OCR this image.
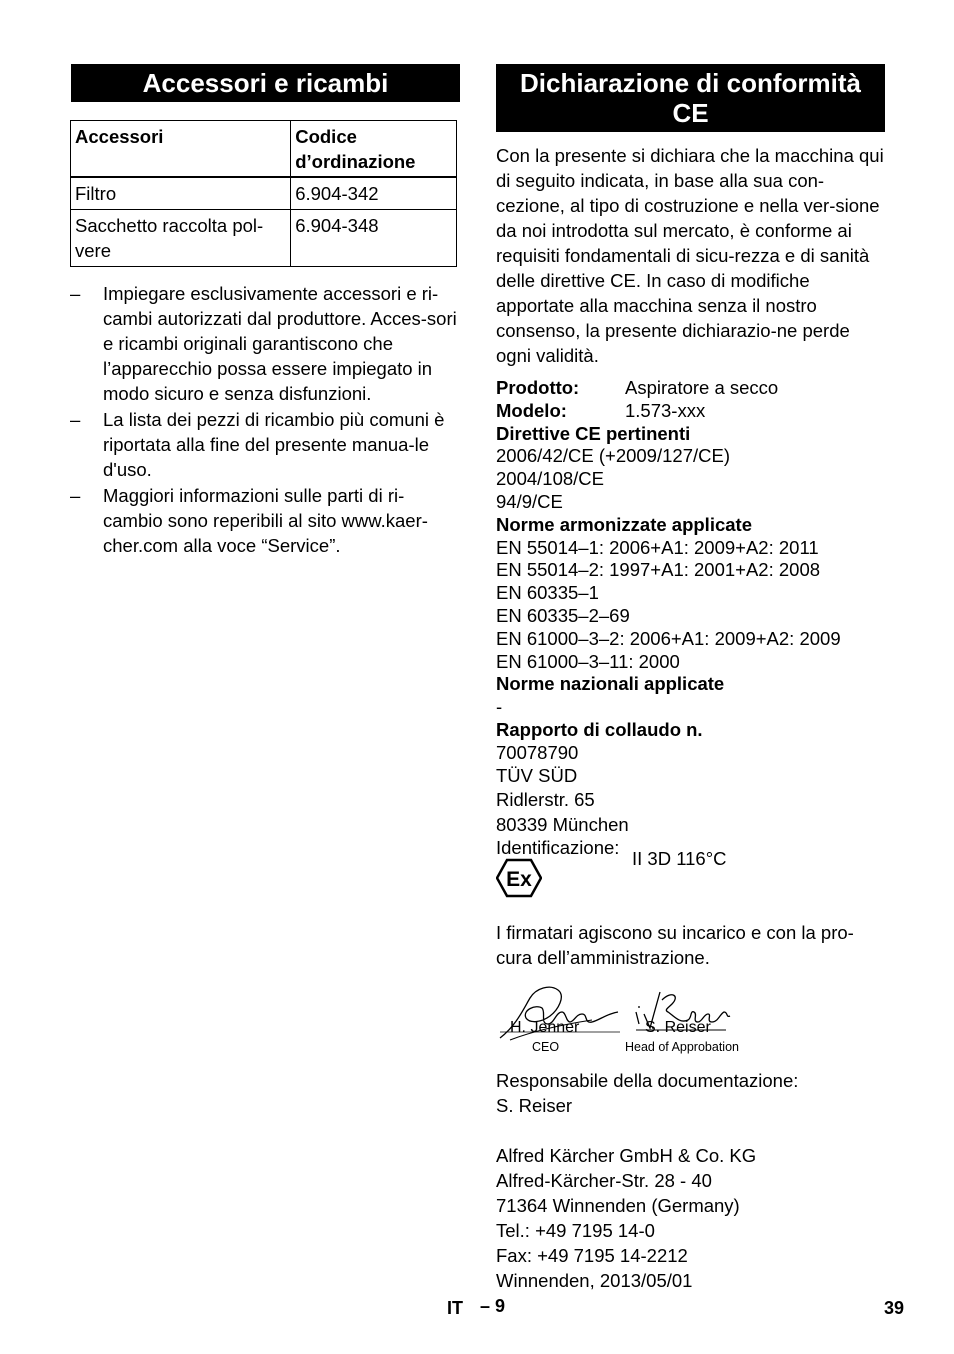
Accessori e ricambi
Accessori	Codice d’ordinazione
Filtro	6.904-342
Sacchetto raccolta pol-vere	6.904-348
– Impiegare esclusivamente accessori e ri-cambi autorizzati dal produttore. Acces-sori e ricambi originali garantiscono che l’apparecchio possa essere impiegato in modo sicuro e senza disfunzioni.
– La lista dei pezzi di ricambio più comuni è riportata alla fine del presente manua-le d'uso.
– Maggiori informazioni sulle parti di ri-cambio sono reperibili al sito www.kaer-cher.com alla voce “Service”.
Dichiarazione di conformità
CE

Con la presente si dichiara che la macchina qui di seguito indicata, in base alla sua con-cezione, al tipo di costruzione e nella ver-sione da noi introdotta sul mercato, è conforme ai requisiti fondamentali di sicu-rezza e di sanità delle direttive CE. In caso di modifiche apportate alla macchina senza il nostro consenso, la presente dichiarazio-ne perde ogni validità.

Prodotto: Aspiratore a secco
Modelo:	1.573-xxx
Direttive CE pertinenti
2006/42/CE (+2009/127/CE)
2004/108/CE
94/9/CE
Norme armonizzate applicate
EN 55014–1: 2006+A1: 2009+A2: 2011
EN 55014–2: 1997+A1: 2001+A2: 2008
EN 60335–1
EN 60335–2–69
EN 61000–3–2: 2006+A1: 2009+A2: 2009
EN 61000–3–11: 2000
Norme nazionali applicate
-
Rapporto di collaudo n.
70078790
TÜV SÜD
Ridlerstr. 65
80339 München
Identificazione:
Ex
II 3D 116°C

I firmatari agiscono su incarico e con la pro-cura dell’amministrazione.

H. Jenner
CEO
S. Reiser
Head of Approbation
Responsabile della documentazione:
S. Reiser
Alfred Kärcher GmbH & Co. KG
Alfred-Kärcher-Str. 28 - 40
71364 Winnenden (Germany)
Tel.: +49 7195 14-0
Fax: +49 7195 14-2212
Winnenden, 2013/05/01
IT – 9	39
